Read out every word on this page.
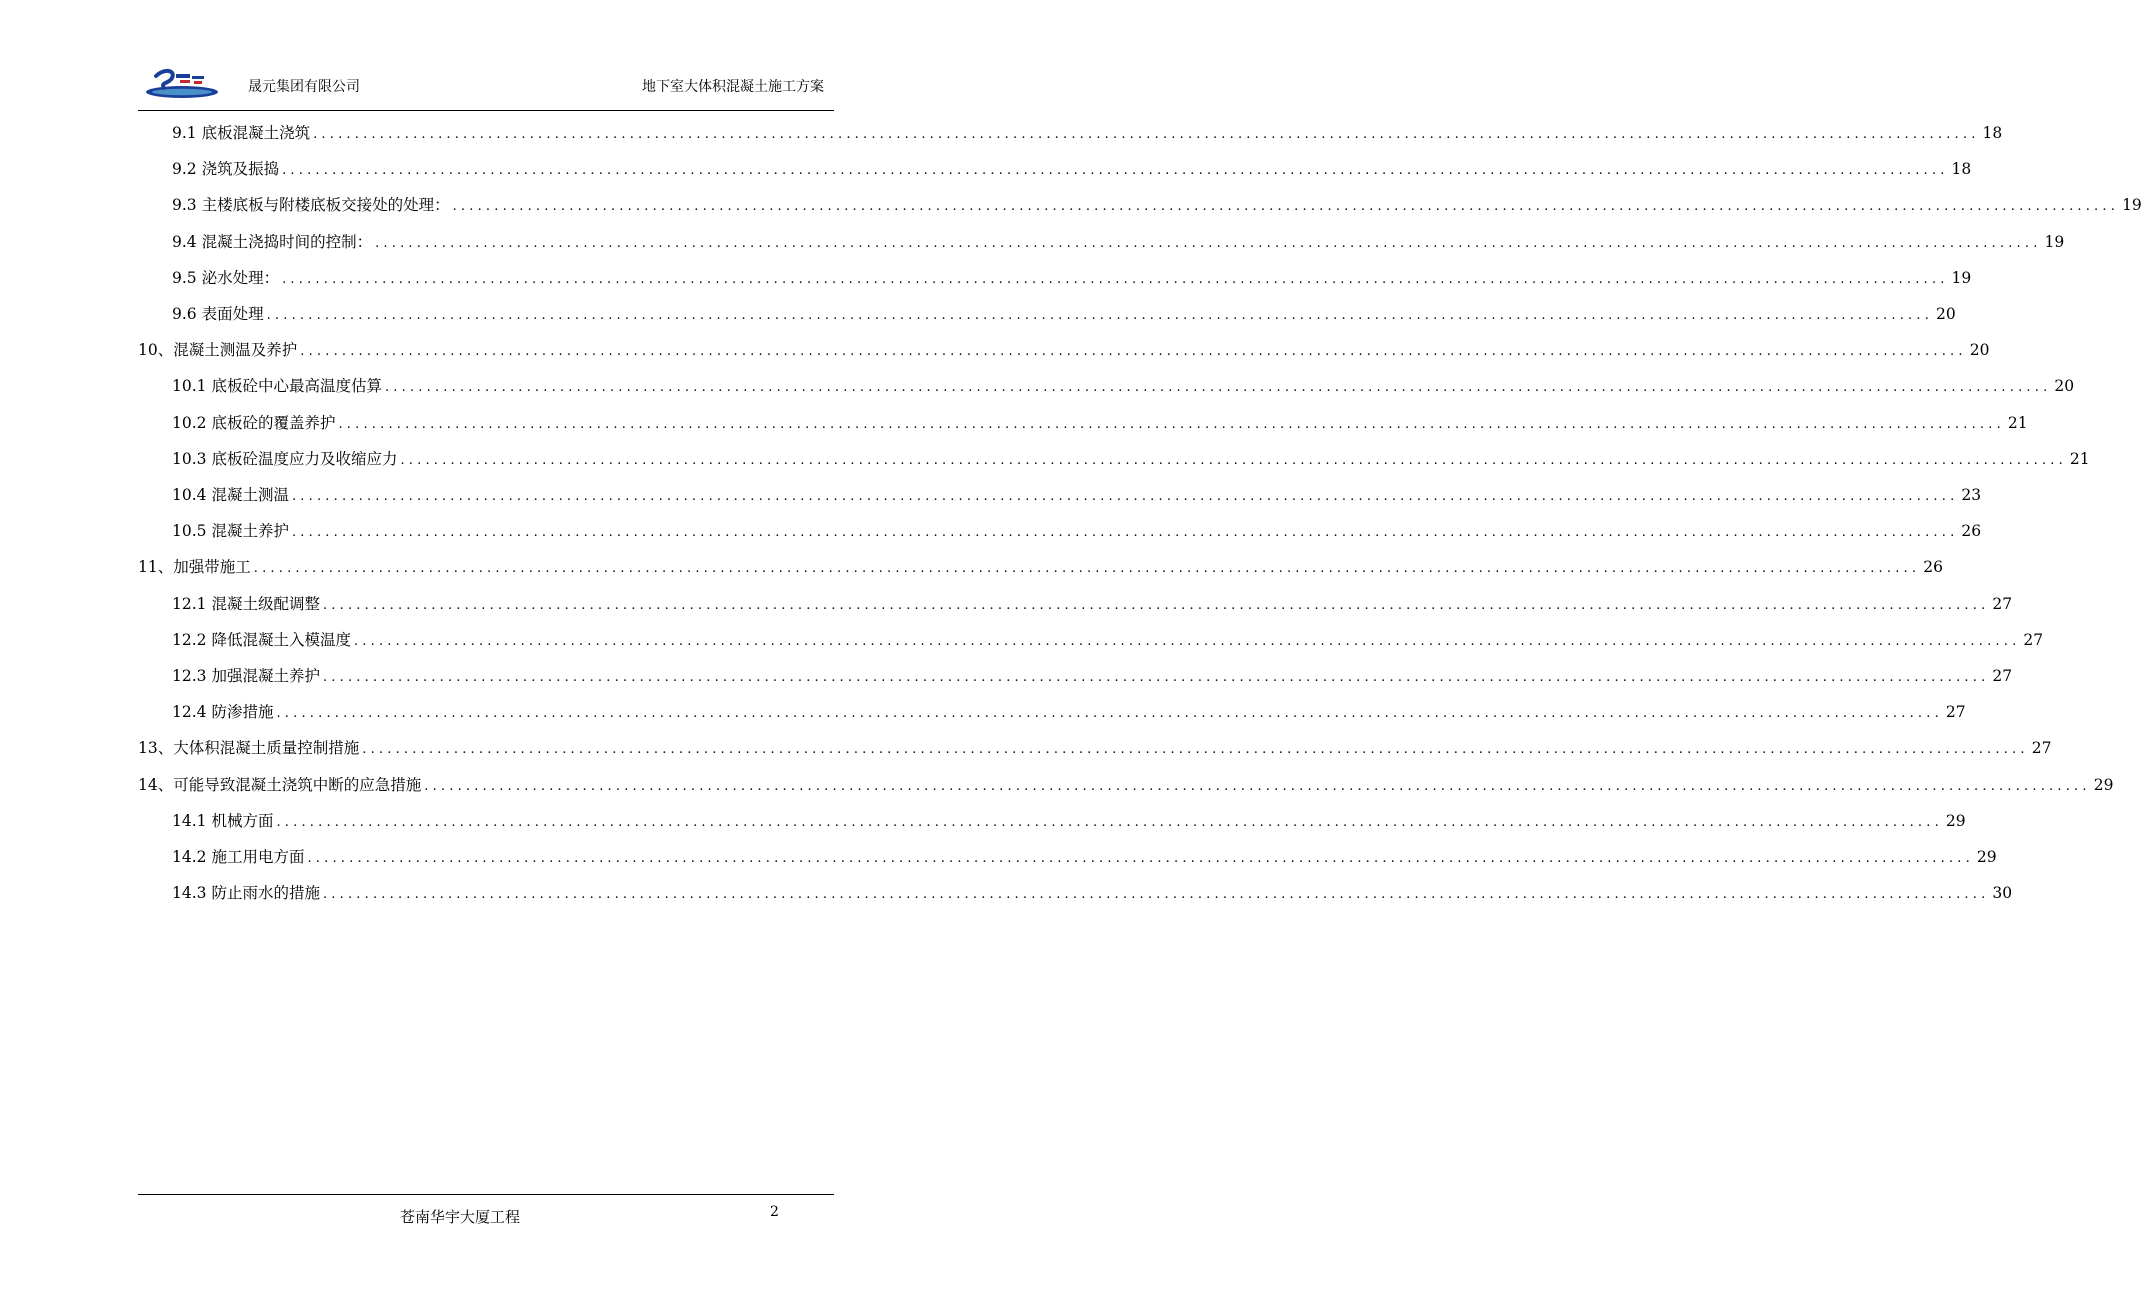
晟元集团有限公司	地下室大体积混凝土施工方案
9.1 底板混凝土浇筑 ........................................................................................................................................................................................................ 18
9.2 浇筑及振捣 ........................................................................................................................................................................................................ 18
9.3 主楼底板与附楼底板交接处的处理： ........................................................................................................................................................................................................ 19
9.4 混凝土浇捣时间的控制： ........................................................................................................................................................................................................ 19
9.5 泌水处理： ........................................................................................................................................................................................................ 19
9.6 表面处理 ........................................................................................................................................................................................................ 20
10、混凝土测温及养护 ........................................................................................................................................................................................................ 20
10.1 底板砼中心最高温度估算 ........................................................................................................................................................................................................ 20
10.2 底板砼的覆盖养护 ........................................................................................................................................................................................................ 21
10.3 底板砼温度应力及收缩应力 ........................................................................................................................................................................................................ 21
10.4 混凝土测温 ........................................................................................................................................................................................................ 23
10.5 混凝土养护 ........................................................................................................................................................................................................ 26
11、加强带施工 ........................................................................................................................................................................................................ 26
12.1 混凝土级配调整 ........................................................................................................................................................................................................ 27
12.2 降低混凝土入模温度 ........................................................................................................................................................................................................ 27
12.3 加强混凝土养护 ........................................................................................................................................................................................................ 27
12.4 防渗措施 ........................................................................................................................................................................................................ 27
13、大体积混凝土质量控制措施 ........................................................................................................................................................................................................ 27
14、可能导致混凝土浇筑中断的应急措施 ........................................................................................................................................................................................................ 29
14.1 机械方面 ........................................................................................................................................................................................................ 29
14.2 施工用电方面 ........................................................................................................................................................................................................ 29
14.3 防止雨水的措施 ........................................................................................................................................................................................................ 30
苍南华宇大厦工程	2
